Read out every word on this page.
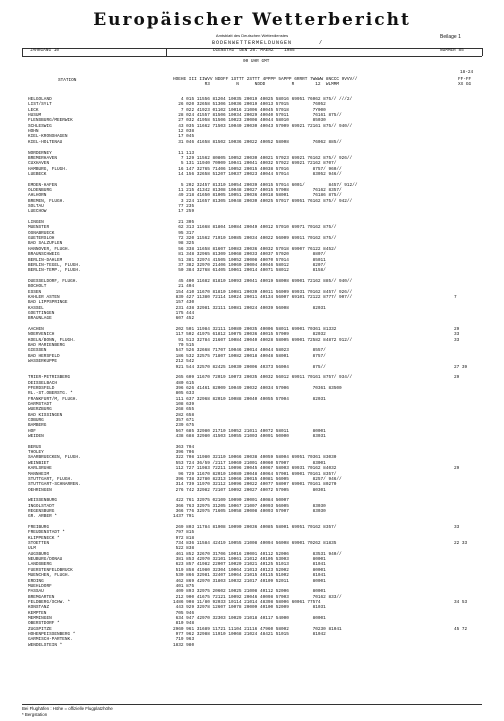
Europäischer Wetterbericht
Amtsblatt des Deutschen Wetterdienstes	Beilage 1
BODENWETTERMELDUNGEN	/
JAHRGANG 10	DIENSTAG  DEN 26. MAERZ    1985	NUMMER 85
00 UHR GMT
18-24
STATION	HOEHE III IIWVV NDDFF 1STTT 2STTT 4PPPP 5APPP 6RRRT 7WWWW 8NCCC 9VVV//
R3          N      NDDD          R        12  WLMMM
FF-FF
XX GG
HELGOLAND	4 015 11556 81204 10035 20019 40025 58016 69951 76062 875// ///2/
LIST/SYLT	26 020 32658 51306 10036 20019 40013 57015         76052
LECK	7 022 41923 01102 10016 21006 40045 57018         7Y000
HUSUM	28 024 41557 81506 10034 20029 40040 57011         76161 875//
FLENSBURG/MEERWIK	27 032 41958 51506 10023 20008 40044 58010         85030
SCHLESWIG	43 035 11662 71503 10040 20030 40043 57009 69921 72161 875// 940//
HOHN	12 038
KIEL-KRONSHAGEN	17 045
KIEL-HOLTENAU	31 046 41658 81502 10036 20022 40052 58008         76062 885//
NORDERNEY	11 113
BREMERHAVEN	7 129 11562 80805 10052 20030 40021 57023 69921 76162 875// 926//
CUXHAVEN	5 131 11940 70909 10041 20041 40032 57022 69921 72162 8707/
HAMBURG, FLUGH.	16 147 32765 71406 10052 20015 40038 57016         8757/ 960//
LUEBECK	14 156 32658 51207 10037 20023 40044 57014         83052 946//
EMDEN-HAFEN	5 202 32457 81310 10054 20039 40015 57014 6001/         8457/ 912//
OLDENBURG	11 215 41342 81308 10048 20027 40015 57008         76162 8357/
AHLHORN	49 218 41650 81005 10051 20036 40018 58001         76186 875//
BREMEN, FLUGH.	3 224 11657 81305 10048 20030 40025 57017 69951 76162 875// 942//
SOLTAU	77 235
LUECHOW	17 259
LINGEN	21 305
MUENSTER	62 313 11668 81804 10084 20049 40012 57010 69971 70162 875//
OSNABRUECK	95 317
GUETERSLOH	72 320 11562 71910 10085 20034 40022 56009 69911 70162 875//
BAD SALZUFLEN	98 325
HANNOVER, FLUGH.	56 338 11658 81607 10083 20036 40032 57018 69907 76122 8452/
BRAUNSCHWEIG	81 348 32965 81309 10068 20033 40037 57020         8807/
BERLIN-DAHLEM	51 381 32974 41505 10052 20008 40070 57014         85011
BERLIN-TEGEL, FLUGH.	37 382 32970 21406 10060 20004 40046 58012         8207/
BERLIN-TEMP., FLUGH.	50 384 32768 61405 10061 20014 40071 58012         8158/
DUESSELDORF, FLUGH.	45 400 11682 81810 10093 20041 40019 58008 69901 72162 885// 940//
BOCHOLT	21 404
ESSEN	154 410 11670 81810 10081 20039 40011 56009 69931 70162 8457/ 926//
KAHLER ASTEN	839 427 11380 72114 10024 20011 40134 56007 69101 72122 8777/ 907//	7
BAD LIPPSPRINGE	157 430
KASSEL	231 438 32981 32111 10081 20024 40039 56008         82031
GOETTINGEN	175 444
BRAUNLAGE	607 452
AACHEN	202 501 11984 32111 10080 20035 40006 58011 69901 70361 81332	29
NOERVENICH	117 502 41975 61812 10075 20036 40015 57009         82032	33
KOELN/BONN, FLUGH.	91 513 32784 21607 10084 20040 40028 58005 69901 72582 84872 912//	33
BAD MARIENBERG	70 515
GIESSEN	547 526 32668 71707 10046 20014 40044 58023         8557/
BAD HERSFELD	186 532 32575 71807 10082 20018 40048 58001         8757/
WASSERKUPPE	212 542
921 544 32570 82425 10030 20006 40373 56004         875//	27 39
TRIER-PETRISBERG	265 609 11670 72019 10073 20035 40032 56012 69911 70161 8757/ 934//	29
DEISSELBACH	480 615
PFERDSFELD	396 626 41461 82009 10049 20032 40034 57006         70361 83500
RL.-ST.OBERSTG. *	805 633
FRANKFURT/M, FLUGH.	111 637 32968 82010 10088 20040 40055 57004         82031
DARMSTADT	108 639
WUERZBURG	268 655
BAD KISSINGEN	282 658
COBURG	357 671
BAMBERG	239 675
HOF	567 685 32980 21710 10052 21011 40072 58011         80001
WEIDEN	438 688 32980 41503 10055 21003 40091 50000         83031
BERUS	363 704
THOLEY	396 706
SAARBRUECKEN, FLUGH.	322 708 11980 32110 10066 20038 40059 58004 69951 70361 83030
WEINBIET	553 724 36/59 /2117 10060 21001 40060 57007         83001
KARLSRUHE	112 727 11983 72211 10096 20045 40067 58003 69931 70162 84032	29
MANNHEIM	96 729 11670 82010 10080 20048 40064 57001 69901 70161 8357/
STUTTGART, FLUGH.	396 738 32780 82313 10066 20015 40081 56005         8257/ 946//
STUTTGART-SCHNARREN.	314 739 11970 32112 10096 20022 40077 58007 69901 70161 80270
OEHRINGEN	276 742 32982 72107 10092 20027 40072 57005         80301
WEISSENBURG	422 761 32975 02109 10090 20001 40084 50007
INGOLSTADT	366 763 32975 31205 10067 21007 40093 56005         83030
REGENSBURG	366 776 32975 71605 10058 20008 40093 57007         83030
GR. ARBER *	1437 791
FREIBURG	269 803 11784 81908 10090 20036 40085 58001 69951 70162 8357/	33
FREUDENSTADT *	797 815
KLIPPENECK *	972 818
STOETTEN	734 836 11584 42419 10055 21008 40094 56008 69901 70262 81835	22 33
ULM	522 838
AUGSBURG	461 852 32670 31706 10016 20001 40112 52006         83531 940//
NEUBURG/DONAU	381 853 42970 32101 10061 21012 40105 53003         80001
LANDSBERG	623 857 41982 22007 10020 21021 40125 51013         81041
FUERSTENFELDBRUCK	519 858 41980 32304 10064 21013 40123 52002         80001
MUENCHEN, FLUGH.	530 866 32981 32407 10064 21015 40115 51002         81041
ERDING	462 869 42970 31803 10032 21017 40109 52011         80001
MUEHLDORF	401 875
PASSAU	409 893 32975 20602 10025 21008 40112 52006         80001
BREMGARTEN	212 900 41675 72121 10092 20046 40098 57003         70162 833//
FELDBERG/SCHW. *	1486 908 11/80 92033 10114 21014 48398 58006 60061 77574	34 53
KONSTANZ	443 929 32978 12607 10078 20009 40100 52009         81031
KEMPTEN	705 946
MEMMINGEN	634 947 42970 32303 10029 21018 40117 54000         80001
OBERSTDORF *	810 948
ZUGSPITZE	2960 961 31689 11721 11104 21116 47960 58002         70230 81041	45 72
HOHENPEISSENBERG *	977 962 32988 11910 10068 21024 48421 51015         81042
GARMISCH-PARTENK.	719 963
WENDELSTEIN *	1832 980
Bei Flughäfen : Höhe = offizielle Flugplatzhöhe
* Bergstation
